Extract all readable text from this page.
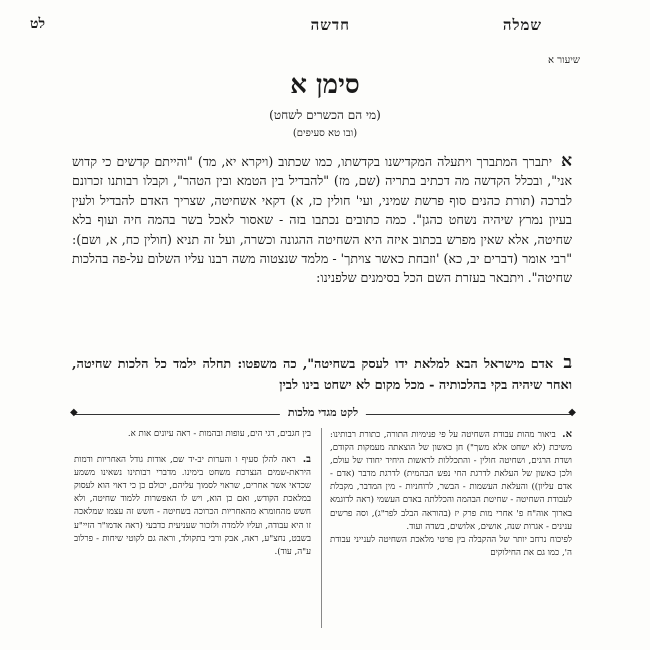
שמלה
חדשה
לט
שיעור א
סימן א
(מי הם הכשרים לשחט)
(ובו טא סעיפים)
א יתברך המתברך ויתעלה המקדישנו בקדשתו, כמו שכתוב (ויקרא יא, מד) "והייתם קדשים כי קדוש אני", ובכלל הקדשה מה דכתיב בתריה (שם, מז) "להבדיל בין הטמא ובין הטהר", וקבלו רבותנו זכרונם לברכה (תורת כהנים סוף פרשת שמיני, ועי' חולין כז, א) דקאי אשחיטה, שצריך האדם להבדיל ולעין בעיון נמרץ שיהיה נשחט כהגן". כמה כתובים נכתבו בזה - שאסור לאכל בשר בהמה חיה ועוף בלא שחיטה, אלא שאין מפרש בכתוב איזה היא השחיטה ההגונה וכשרה, ועל זה תניא (חולין כח, א, ושם): "רבי אומר (דברים יב, כא) 'וזבחת כאשר צויתך' - מלמד שנצטוה משה רבנו עליו השלום על-פה בהלכות שחיטה". ויתבאר בעזרת השם הכל בסימנים שלפנינו:
ב אדם מישראל הבא למלאת ידו לעסק בשחיטה", כה משפטו: תחלה ילמד כל הלכות שחיטה, ואחר שיהיה בקי בהלכותיה - מכל מקום לא ישחט בינו לבין
◆	◆
לקט מגדי מלכות

א. ביאור מהות עבודת השחיטה על פי פנימיות התורה, כתורת רבותינו: משיכת (לא ישחט אלא משך") חן כאשון של הוצאתה מעמקות הקודם, ושדת הרגים, ושחיטה חולין - והתכללות לראשות היחיד יחודו של עולם, ולכן כאשון של העלאת לדרגת החי נפש הבהמית) לדרגת מדבר (אדם - אדם עליון)) והעלאת העשמות - הבשר, לרוחניות - מין המדבר, מקבלת לעבודת השחיטה - שחיטת הבהמה והכללתה באדם העשמי (ראה לדוגמא בארוך אוה"ח פ' אחרי מות פרק יז (בהוראה הבלב לפר"ג), וסה פרשים ענינים - אגרות שנה, אושים, אלושים, בשדה ועוד.

לפיכוח נרחב יותר של ההקבלה בין פרטי מלאכת השחיטה לענייני עבודת ה', כמו גם את החילוקים

בין חגבים, דגי הים, עופות ובהמות - ראה עיונים אות א.

ב. ראה להלן סעיף ו והערות יב-יד שם, אודות גודל האחריות ודמות היראת-שמים הנצרכת משחט בימינו. מדברי רבותינו נשאינו משמע שכדאי אשר אחרים, שראוי לסמוך עליהם, יכולם כן כי דאוי הוא לעסוק במלאכת הקודש, ואם כן הוא, ויש לו האפשרות ללמוד שחיטה, ולא חשש מהחומרא מהאחריות הכרוכה בשחיטה - חשש זה עצמו שמלאכה זו היא עבודה, ועליו ללמדה ולזכור שעניעית כדבעי (ראה אדמו"ר הזיי"ע בשבט, נחצ"ע, ראה, אבק ורבי בתקולד, וראה גם לקוטי שיחות - פרלוב ע"ה, עוד).
